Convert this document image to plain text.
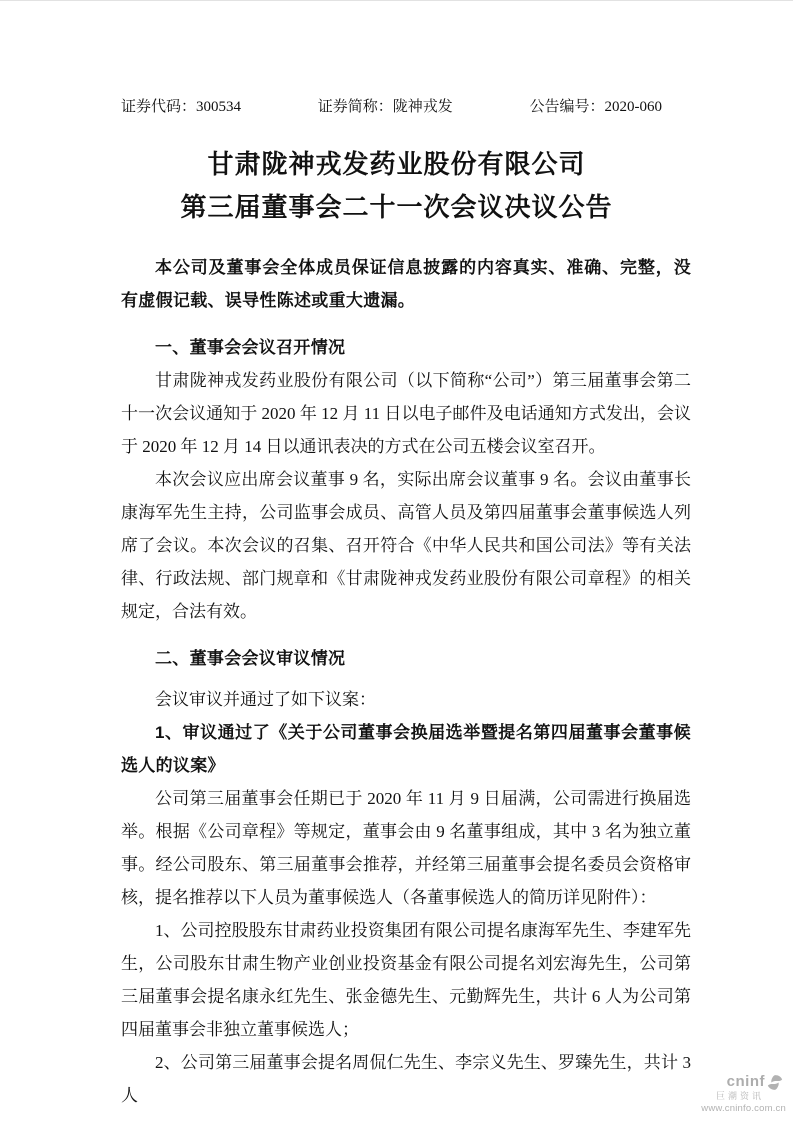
证券代码：300534	证券简称：陇神戎发	公告编号：2020-060
甘肃陇神戎发药业股份有限公司
第三届董事会二十一次会议决议公告

本公司及董事会全体成员保证信息披露的内容真实、准确、完整，没有虚假记载、误导性陈述或重大遗漏。

一、董事会会议召开情况

甘肃陇神戎发药业股份有限公司（以下简称“公司”）第三届董事会第二十一次会议通知于 2020 年 12 月 11 日以电子邮件及电话通知方式发出，会议于 2020 年 12 月 14 日以通讯表决的方式在公司五楼会议室召开。

本次会议应出席会议董事 9 名，实际出席会议董事 9 名。会议由董事长康海军先生主持，公司监事会成员、高管人员及第四届董事会董事候选人列席了会议。本次会议的召集、召开符合《中华人民共和国公司法》等有关法律、行政法规、部门规章和《甘肃陇神戎发药业股份有限公司章程》的相关规定，合法有效。

二、董事会会议审议情况

会议审议并通过了如下议案：

1、审议通过了《关于公司董事会换届选举暨提名第四届董事会董事候选人的议案》

公司第三届董事会任期已于 2020 年 11 月 9 日届满，公司需进行换届选举。根据《公司章程》等规定，董事会由 9 名董事组成，其中 3 名为独立董事。经公司股东、第三届董事会推荐，并经第三届董事会提名委员会资格审核，提名推荐以下人员为董事候选人（各董事候选人的简历详见附件）：

1、公司控股股东甘肃药业投资集团有限公司提名康海军先生、李建军先生，公司股东甘肃生物产业创业投资基金有限公司提名刘宏海先生，公司第三届董事会提名康永红先生、张金德先生、元勤辉先生，共计 6 人为公司第四届董事会非独立董事候选人；

2、公司第三届董事会提名周侃仁先生、李宗义先生、罗臻先生，共计 3 人

cninf
巨潮资讯
www.cninfo.com.cn
